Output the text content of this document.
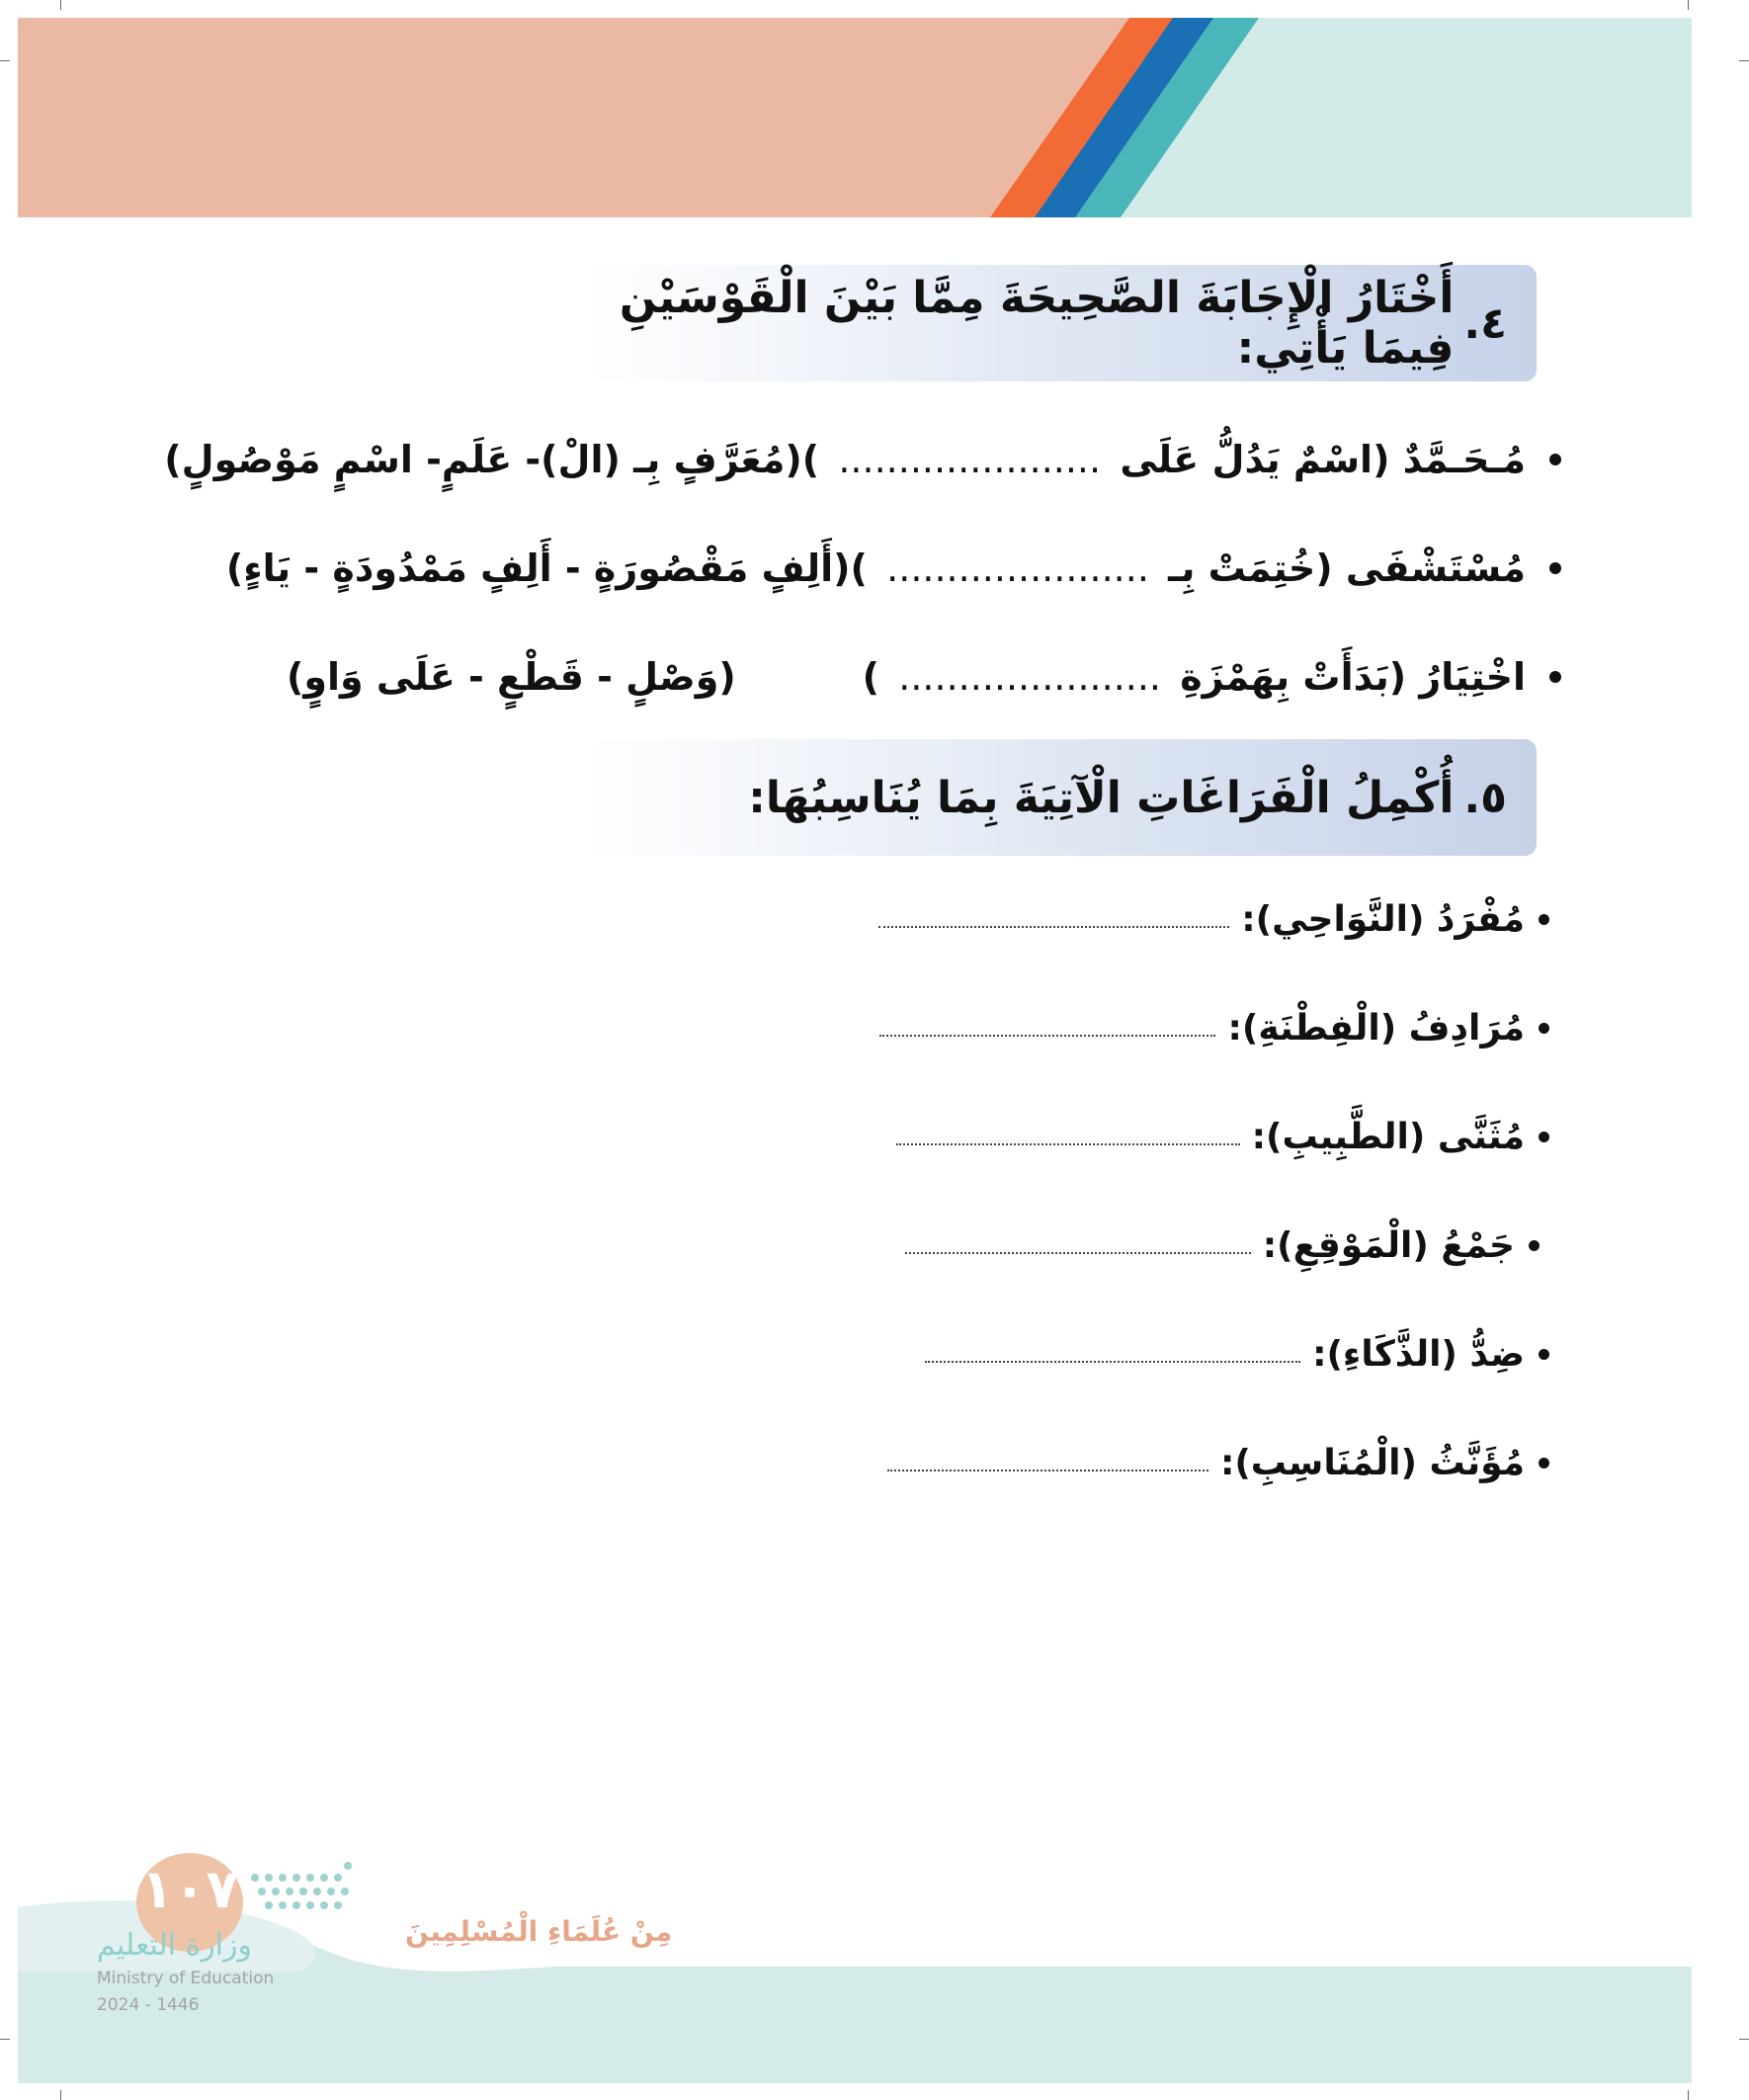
٤.
أَخْتَارُ الْإِجَابَةَ الصَّحِيحَةَ مِمَّا بَيْنَ الْقَوْسَيْنِ فِيمَا يَأْتِي:
مُـحَـمَّدٌ (اسْمٌ يَدُلُّ عَلَى ...................... )
(مُعَرَّفٍ بِـ (الْ)- عَلَمٍ- اسْمٍ مَوْصُولٍ)
مُسْتَشْفَى (خُتِمَتْ بِـ ...................... )
(أَلِفٍ مَقْصُورَةٍ - أَلِفٍ مَمْدُودَةٍ - يَاءٍ)
اخْتِيَارُ (بَدَأَتْ بِهَمْزَةِ ...................... )
(وَصْلٍ - قَطْعٍ - عَلَى وَاوٍ)
٥.
أُكْمِلُ الْفَرَاغَاتِ الْآتِيَةَ بِمَا يُنَاسِبُهَا:
مُفْرَدُ (النَّوَاحِي):
مُرَادِفُ (الْفِطْنَةِ):
مُثَنَّى (الطَّبِيبِ):
جَمْعُ (الْمَوْقِعِ):
ضِدُّ (الذَّكَاءِ):
مُؤَنَّثُ (الْمُنَاسِبِ):
مِنْ عُلَمَاءِ الْمُسْلِمِينَ
١٠٧
وزارة التعليم
Ministry of Education
2024 - 1446
